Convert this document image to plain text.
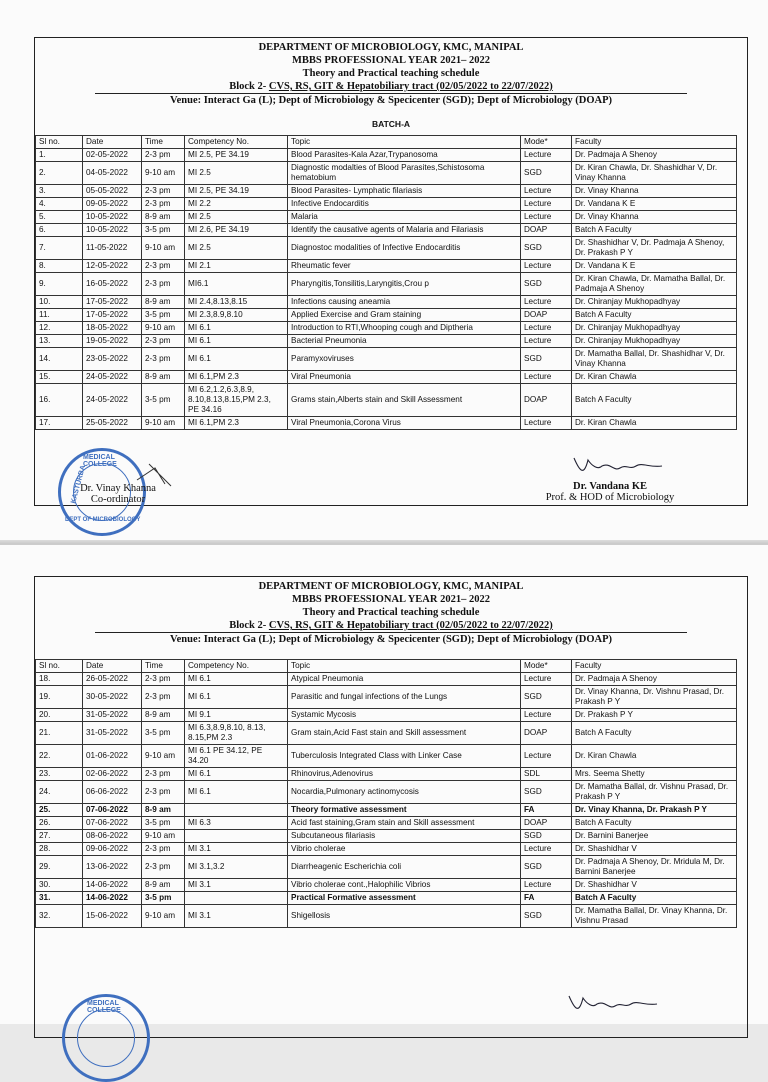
DEPARTMENT OF MICROBIOLOGY, KMC, MANIPAL
MBBS PROFESSIONAL YEAR 2021– 2022
Theory and Practical teaching schedule
Block 2- CVS, RS, GIT & Hepatobiliary tract (02/05/2022 to 22/07/2022)
Venue: Interact Ga (L); Dept of Microbiology & Specicenter (SGD); Dept of Microbiology (DOAP)
BATCH-A
Sl no.	Date	Time	Competency No.	Topic	Mode*	Faculty
1.	02-05-2022	2-3 pm	MI 2.5, PE 34.19	Blood Parasites-Kala Azar,Trypanosoma	Lecture	Dr. Padmaja A Shenoy
2.	04-05-2022	9-10 am	MI 2.5	Diagnostic modalties of Blood Parasites,Schistosoma hematobium	SGD	Dr. Kiran Chawla, Dr. Shashidhar V, Dr. Vinay Khanna
3.	05-05-2022	2-3 pm	MI 2.5, PE 34.19	Blood Parasites- Lymphatic filariasis	Lecture	Dr. Vinay Khanna
4.	09-05-2022	2-3 pm	MI 2.2	Infective Endocarditis	Lecture	Dr. Vandana K E
5.	10-05-2022	8-9 am	MI 2.5	Malaria	Lecture	Dr. Vinay Khanna
6.	10-05-2022	3-5 pm	MI 2.6, PE 34.19	Identify the causative agents of Malaria and Filariasis	DOAP	Batch A Faculty
7.	11-05-2022	9-10 am	MI 2.5	Diagnostoc modalities of Infective Endocarditis	SGD	Dr. Shashidhar V, Dr. Padmaja A Shenoy, Dr. Prakash P Y
8.	12-05-2022	2-3 pm	MI 2.1	Rheumatic fever	Lecture	Dr. Vandana K E
9.	16-05-2022	2-3 pm	MI6.1	Pharyngitis,Tonsilitis,Laryngitis,Crou p	SGD	Dr. Kiran Chawla, Dr. Mamatha Ballal, Dr. Padmaja A Shenoy
10.	17-05-2022	8-9 am	MI 2.4,8.13,8.15	Infections causing aneamia	Lecture	Dr. Chiranjay Mukhopadhyay
11.	17-05-2022	3-5 pm	MI 2.3,8.9,8.10	Applied Exercise and Gram staining	DOAP	Batch A Faculty
12.	18-05-2022	9-10 am	MI 6.1	Introduction to RTI,Whooping cough and Diptheria	Lecture	Dr. Chiranjay Mukhopadhyay
13.	19-05-2022	2-3 pm	MI 6.1	Bacterial Pneumonia	Lecture	Dr. Chiranjay Mukhopadhyay
14.	23-05-2022	2-3 pm	MI 6.1	Paramyxoviruses	SGD	Dr. Mamatha Ballal, Dr. Shashidhar V, Dr. Vinay Khanna
15.	24-05-2022	8-9 am	MI 6.1,PM 2.3	Viral Pneumonia	Lecture	Dr. Kiran Chawla
16.	24-05-2022	3-5 pm	MI 6.2,1.2,6.3,8.9, 8.10,8.13,8.15,PM 2.3, PE 34.16	Grams stain,Alberts stain and Skill Assessment	DOAP	Batch A Faculty
17.	25-05-2022	9-10 am	MI 6.1,PM 2.3	Viral Pneumonia,Corona Virus	Lecture	Dr. Kiran Chawla
MEDICAL COLLEGE
KASTURBA
DEPT OF MICROBIOLOGY
Dr. Vinay Khanna
Co-ordinator
Dr. Vandana KE
Prof. & HOD of Microbiology
DEPARTMENT OF MICROBIOLOGY, KMC, MANIPAL
MBBS PROFESSIONAL YEAR 2021– 2022
Theory and Practical teaching schedule
Block 2- CVS, RS, GIT & Hepatobiliary tract (02/05/2022 to 22/07/2022)
Venue: Interact Ga (L); Dept of Microbiology & Specicenter (SGD); Dept of Microbiology (DOAP)
Sl no.	Date	Time	Competency No.	Topic	Mode*	Faculty
18.	26-05-2022	2-3 pm	MI 6.1	Atypical Pneumonia	Lecture	Dr. Padmaja A Shenoy
19.	30-05-2022	2-3 pm	MI 6.1	Parasitic and fungal infections of the Lungs	SGD	Dr. Vinay Khanna, Dr. Vishnu Prasad, Dr. Prakash P Y
20.	31-05-2022	8-9 am	MI 9.1	Systamic Mycosis	Lecture	Dr. Prakash P Y
21.	31-05-2022	3-5 pm	MI 6.3,8.9,8.10, 8.13, 8.15,PM 2.3	Gram stain,Acid Fast stain and Skill assessment	DOAP	Batch A Faculty
22.	01-06-2022	9-10 am	MI 6.1 PE 34.12, PE 34.20	Tuberculosis Integrated Class with Linker Case	Lecture	Dr. Kiran Chawla
23.	02-06-2022	2-3 pm	MI 6.1	Rhinovirus,Adenovirus	SDL	Mrs. Seema Shetty
24.	06-06-2022	2-3 pm	MI 6.1	Nocardia,Pulmonary actinomycosis	SGD	Dr. Mamatha Ballal, dr. Vishnu Prasad, Dr. Prakash P Y
25.	07-06-2022	8-9 am		Theory formative assessment	FA	Dr. Vinay Khanna, Dr. Prakash P Y
26.	07-06-2022	3-5 pm	MI 6.3	Acid fast staining,Gram stain and Skill assessment	DOAP	Batch A Faculty
27.	08-06-2022	9-10 am		Subcutaneous filariasis	SGD	Dr. Barnini Banerjee
28.	09-06-2022	2-3 pm	MI 3.1	Vibrio cholerae	Lecture	Dr. Shashidhar V
29.	13-06-2022	2-3 pm	MI 3.1,3.2	Diarrheagenic Escherichia coli	SGD	Dr. Padmaja A Shenoy, Dr. Mridula M, Dr. Barnini Banerjee
30.	14-06-2022	8-9 am	MI 3.1	Vibrio cholerae cont.,Halophilic Vibrios	Lecture	Dr. Shashidhar V
31.	14-06-2022	3-5 pm		Practical Formative assessment	FA	Batch A Faculty
32.	15-06-2022	9-10 am	MI 3.1	Shigellosis	SGD	Dr. Mamatha Ballal, Dr. Vinay Khanna, Dr. Vishnu Prasad
MEDICAL COLLEGE
